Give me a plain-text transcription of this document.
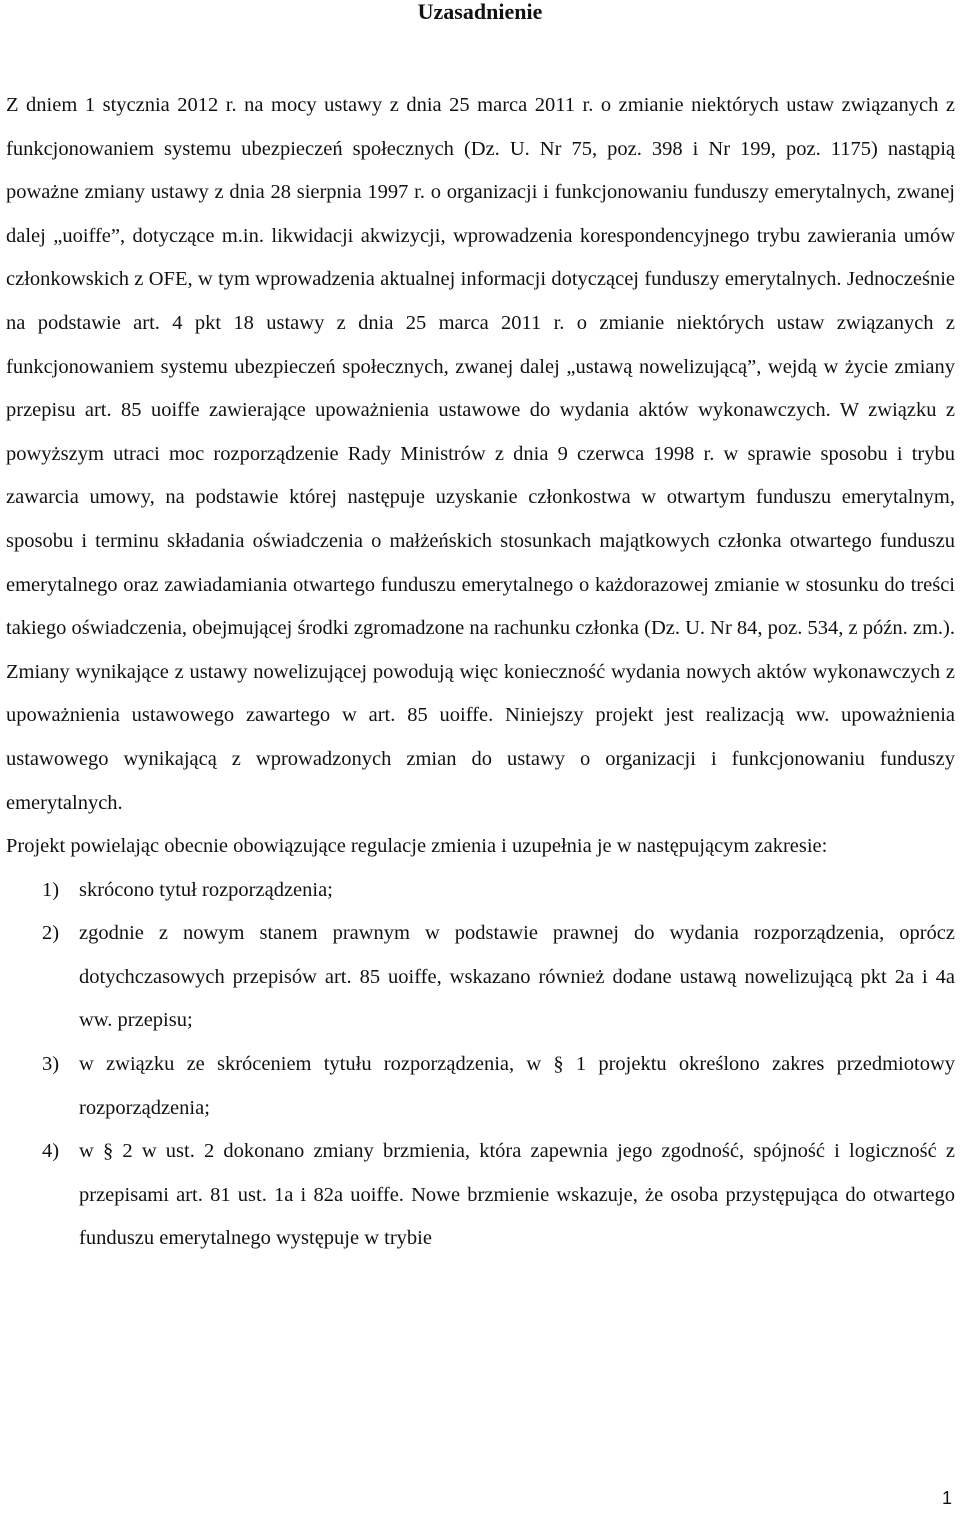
Uzasadnienie

Z dniem 1 stycznia 2012 r. na mocy ustawy z dnia 25 marca 2011 r. o zmianie niektórych ustaw związanych z funkcjonowaniem systemu ubezpieczeń społecznych (Dz. U. Nr 75, poz. 398 i Nr 199, poz. 1175) nastąpią poważne zmiany ustawy z dnia 28 sierpnia 1997 r. o organizacji i funkcjonowaniu funduszy emerytalnych, zwanej dalej „uoiffe”, dotyczące m.in. likwidacji akwizycji, wprowadzenia korespondencyjnego trybu zawierania umów członkowskich z OFE, w tym wprowadzenia aktualnej informacji dotyczącej funduszy emerytalnych. Jednocześnie na podstawie art. 4 pkt 18 ustawy z dnia 25 marca 2011 r. o zmianie niektórych ustaw związanych z funkcjonowaniem systemu ubezpieczeń społecznych, zwanej dalej „ustawą nowelizującą”, wejdą w życie zmiany przepisu art. 85 uoiffe zawierające upoważnienia ustawowe do wydania aktów wykonawczych. W związku z powyższym utraci moc rozporządzenie Rady Ministrów z dnia 9 czerwca 1998 r. w sprawie sposobu i trybu zawarcia umowy, na podstawie której następuje uzyskanie członkostwa w otwartym funduszu emerytalnym, sposobu i terminu składania oświadczenia o małżeńskich stosunkach majątkowych członka otwartego funduszu emerytalnego oraz zawiadamiania otwartego funduszu emerytalnego o każdorazowej zmianie w stosunku do treści takiego oświadczenia, obejmującej środki zgromadzone na rachunku członka (Dz. U. Nr 84, poz. 534, z późn. zm.). Zmiany wynikające z ustawy nowelizującej powodują więc konieczność wydania nowych aktów wykonawczych z upoważnienia ustawowego zawartego w art. 85 uoiffe. Niniejszy projekt jest realizacją ww. upoważnienia ustawowego wynikającą z wprowadzonych zmian do ustawy o organizacji i funkcjonowaniu funduszy emerytalnych.

Projekt powielając obecnie obowiązujące regulacje zmienia i uzupełnia je w następującym zakresie:

1) skrócono tytuł rozporządzenia;
2) zgodnie z nowym stanem prawnym w podstawie prawnej do wydania rozporządzenia, oprócz dotychczasowych przepisów art. 85 uoiffe, wskazano również dodane ustawą nowelizującą pkt 2a i 4a ww. przepisu;
3) w związku ze skróceniem tytułu rozporządzenia, w § 1 projektu określono zakres przedmiotowy rozporządzenia;
4) w § 2 w ust. 2 dokonano zmiany brzmienia, która zapewnia jego zgodność, spójność i logiczność z przepisami art. 81 ust. 1a i 82a uoiffe. Nowe brzmienie wskazuje, że osoba przystępująca do otwartego funduszu emerytalnego występuje w trybie
1
